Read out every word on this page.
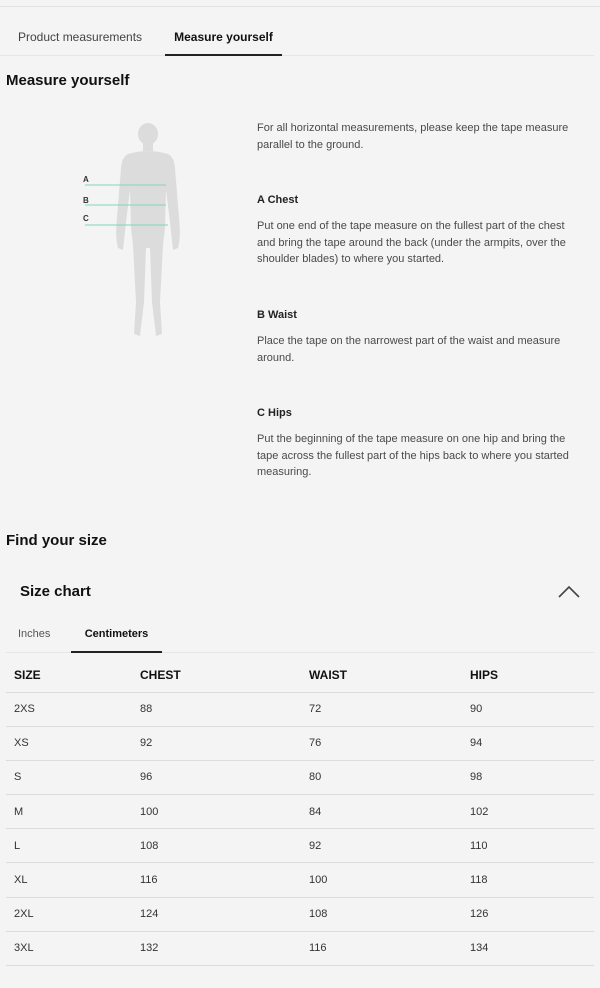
Product measurements	Measure yourself
Measure yourself
A
B
C
For all horizontal measurements, please keep the tape measure parallel to the ground.
A Chest
Put one end of the tape measure on the fullest part of the chest and bring the tape around the back (under the armpits, over the shoulder blades) to where you started.
B Waist
Place the tape on the narrowest part of the waist and measure around.
C Hips
Put the beginning of the tape measure on one hip and bring the tape across the fullest part of the hips back to where you started measuring.
Find your size
Size chart
Inches	Centimeters
SIZE	CHEST	WAIST	HIPS
2XS	88	72	90
XS	92	76	94
S	96	80	98
M	100	84	102
L	108	92	110
XL	116	100	118
2XL	124	108	126
3XL	132	116	134
